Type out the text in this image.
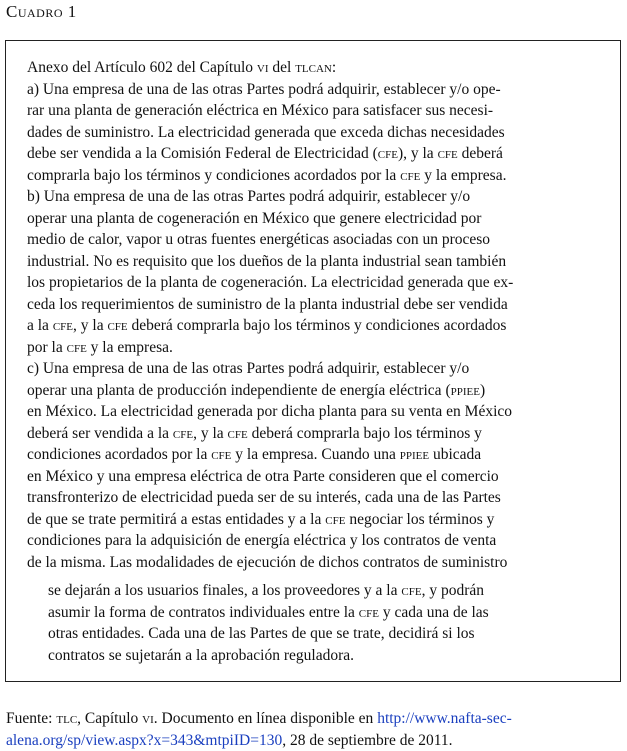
Cuadro 1
Anexo del Artículo 602 del Capítulo vi del tlcan:
a) Una empresa de una de las otras Partes podrá adquirir, establecer y/o ope-
rar una planta de generación eléctrica en México para satisfacer sus necesi-
dades de suministro. La electricidad generada que exceda dichas necesidades
debe ser vendida a la Comisión Federal de Electricidad (cfe), y la cfe deberá
comprarla bajo los términos y condiciones acordados por la cfe y la empresa.
b) Una empresa de una de las otras Partes podrá adquirir, establecer y/o
operar una planta de cogeneración en México que genere electricidad por
medio de calor, vapor u otras fuentes energéticas asociadas con un proceso
industrial. No es requisito que los dueños de la planta industrial sean también
los propietarios de la planta de cogeneración. La electricidad generada que ex-
ceda los requerimientos de suministro de la planta industrial debe ser vendida
a la cfe, y la cfe deberá comprarla bajo los términos y condiciones acordados
por la cfe y la empresa.
c) Una empresa de una de las otras Partes podrá adquirir, establecer y/o
operar una planta de producción independiente de energía eléctrica (ppiee)
en México. La electricidad generada por dicha planta para su venta en México
deberá ser vendida a la cfe, y la cfe deberá comprarla bajo los términos y
condiciones acordados por la cfe y la empresa. Cuando una ppiee ubicada
en México y una empresa eléctrica de otra Parte consideren que el comercio
transfronterizo de electricidad pueda ser de su interés, cada una de las Partes
de que se trate permitirá a estas entidades y a la cfe negociar los términos y
condiciones para la adquisición de energía eléctrica y los contratos de venta
de la misma. Las modalidades de ejecución de dichos contratos de suministro
se dejarán a los usuarios finales, a los proveedores y a la cfe, y podrán
asumir la forma de contratos individuales entre la cfe y cada una de las
otras entidades. Cada una de las Partes de que se trate, decidirá si los
contratos se sujetarán a la aprobación reguladora.
Fuente: tlc, Capítulo vi. Documento en línea disponible en http://www.nafta-sec-alena.org/sp/view.aspx?x=343&mtpiID=130, 28 de septiembre de 2011.
